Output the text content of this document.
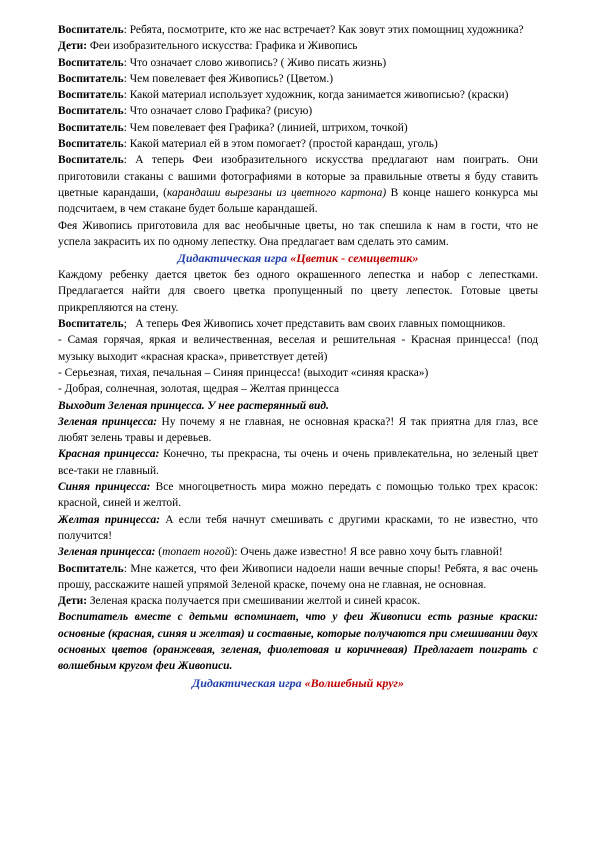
Воспитатель: Ребята, посмотрите, кто же нас встречает? Как зовут этих помощниц художника?

Дети: Феи изобразительного искусства: Графика и Живопись

Воспитатель: Что означает слово живопись? ( Живо писать жизнь)

Воспитатель: Чем повелевает фея Живопись? (Цветом.)

Воспитатель: Какой материал использует художник, когда занимается живописью? (краски)

Воспитатель: Что означает слово Графика? (рисую)

Воспитатель: Чем повелевает фея Графика? (линией, штрихом, точкой)

Воспитатель: Какой материал ей в этом помогает? (простой карандаш, уголь)

Воспитатель: А теперь Феи изобразительного искусства предлагают нам поиграть. Они приготовили стаканы с вашими фотографиями в которые за правильные ответы я буду ставить цветные карандаши, (карандаши вырезаны из цветного картона) В конце нашего конкурса мы подсчитаем, в чем стакане будет больше карандашей.

Фея Живопись приготовила для вас необычные цветы, но так спешила к нам в гости, что не успела закрасить их по одному лепестку. Она предлагает вам сделать это самим.

Дидактическая игра «Цветик - семицветик»

Каждому ребенку дается цветок без одного окрашенного лепестка и набор с лепестками. Предлагается найти для своего цветка пропущенный по цвету лепесток. Готовые цветы прикрепляются на стену.

Воспитатель;   А теперь Фея Живопись хочет представить вам своих главных помощников.

- Самая горячая, яркая и величественная, веселая и решительная - Красная принцесса! (под музыку выходит «красная краска», приветствует детей)

- Серьезная, тихая, печальная – Синяя принцесса! (выходит «синяя краска»)

- Добрая, солнечная, золотая, щедрая – Желтая принцесса

Выходит Зеленая принцесса. У нее растерянный вид.

Зеленая принцесса: Ну почему я не главная, не основная краска?! Я так приятна для глаз, все любят зелень травы и деревьев.

Красная принцесса: Конечно, ты прекрасна, ты очень и очень привлекательна, но зеленый цвет все-таки не главный.

Синяя принцесса: Все многоцветность мира можно передать с помощью только трех красок: красной, синей и желтой.

Желтая принцесса: А если тебя начнут смешивать с другими красками, то не известно, что получится!

Зеленая принцесса: (топает ногой): Очень даже известно! Я все равно хочу быть главной!

Воспитатель: Мне кажется, что феи Живописи надоели наши вечные споры! Ребята, я вас очень прошу, расскажите нашей упрямой Зеленой краске, почему она не главная, не основная.

Дети: Зеленая краска получается при смешивании желтой и синей красок.

Воспитатель вместе с детьми вспоминает, что у феи Живописи есть разные краски: основные (красная, синяя и желтая) и составные, которые получаются при смешивании двух основных цветов (оранжевая, зеленая, фиолетовая и коричневая) Предлагает поиграть с волшебным кругом феи Живописи.

Дидактическая игра «Волшебный круг»
